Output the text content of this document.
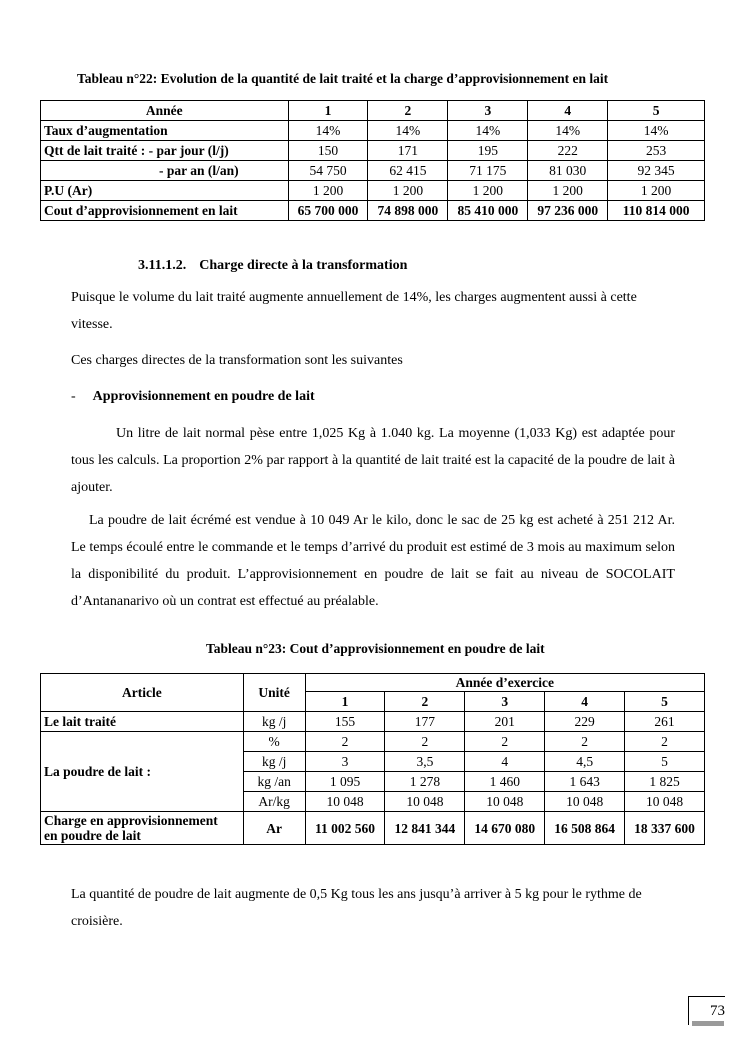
Tableau n°22: Evolution de la quantité de lait traité et la charge d’approvisionnement en lait
Année	1	2	3	4	5
Taux d’augmentation	14%	14%	14%	14%	14%
Qtt de lait traité : - par jour (l/j)	150	171	195	222	253
- par an (l/an)	54 750	62 415	71 175	81 030	92 345
P.U (Ar)	1 200	1 200	1 200	1 200	1 200
Cout d’approvisionnement en lait	65 700 000	74 898 000	85 410 000	97 236 000	110 814 000
3.11.1.2. Charge directe à la transformation
Puisque le volume du lait traité augmente annuellement de 14%, les charges augmentent aussi à cette vitesse.
Ces charges directes de la transformation sont les suivantes
- Approvisionnement en poudre de lait
Un litre de lait normal pèse entre 1,025 Kg à 1.040 kg. La moyenne (1,033 Kg) est adaptée pour tous les calculs. La proportion 2% par rapport à la quantité de lait traité est la capacité de la poudre de lait à ajouter.
La poudre de lait écrémé est vendue à 10 049 Ar le kilo, donc le sac de 25 kg est acheté à 251 212 Ar. Le temps écoulé entre le commande et le temps d’arrivé du produit est estimé de 3 mois au maximum selon la disponibilité du produit. L’approvisionnement en poudre de lait se fait au niveau de SOCOLAIT d’Antananarivo où un contrat est effectué au préalable.
Tableau n°23: Cout d’approvisionnement en poudre de lait
Article	Unité	Année d’exercice				
		1	2	3	4	5
Le lait traité	kg /j	155	177	201	229	261
La poudre de lait :	%	2	2	2	2	2
	kg /j	3	3,5	4	4,5	5
	kg /an	1 095	1 278	1 460	1 643	1 825
	Ar/kg	10 048	10 048	10 048	10 048	10 048
Charge en approvisionnement
en poudre de lait	Ar	11 002 560	12 841 344	14 670 080	16 508 864	18 337 600
La quantité de poudre de lait augmente de 0,5 Kg tous les ans jusqu’à arriver à 5 kg pour le rythme de croisière.
73
